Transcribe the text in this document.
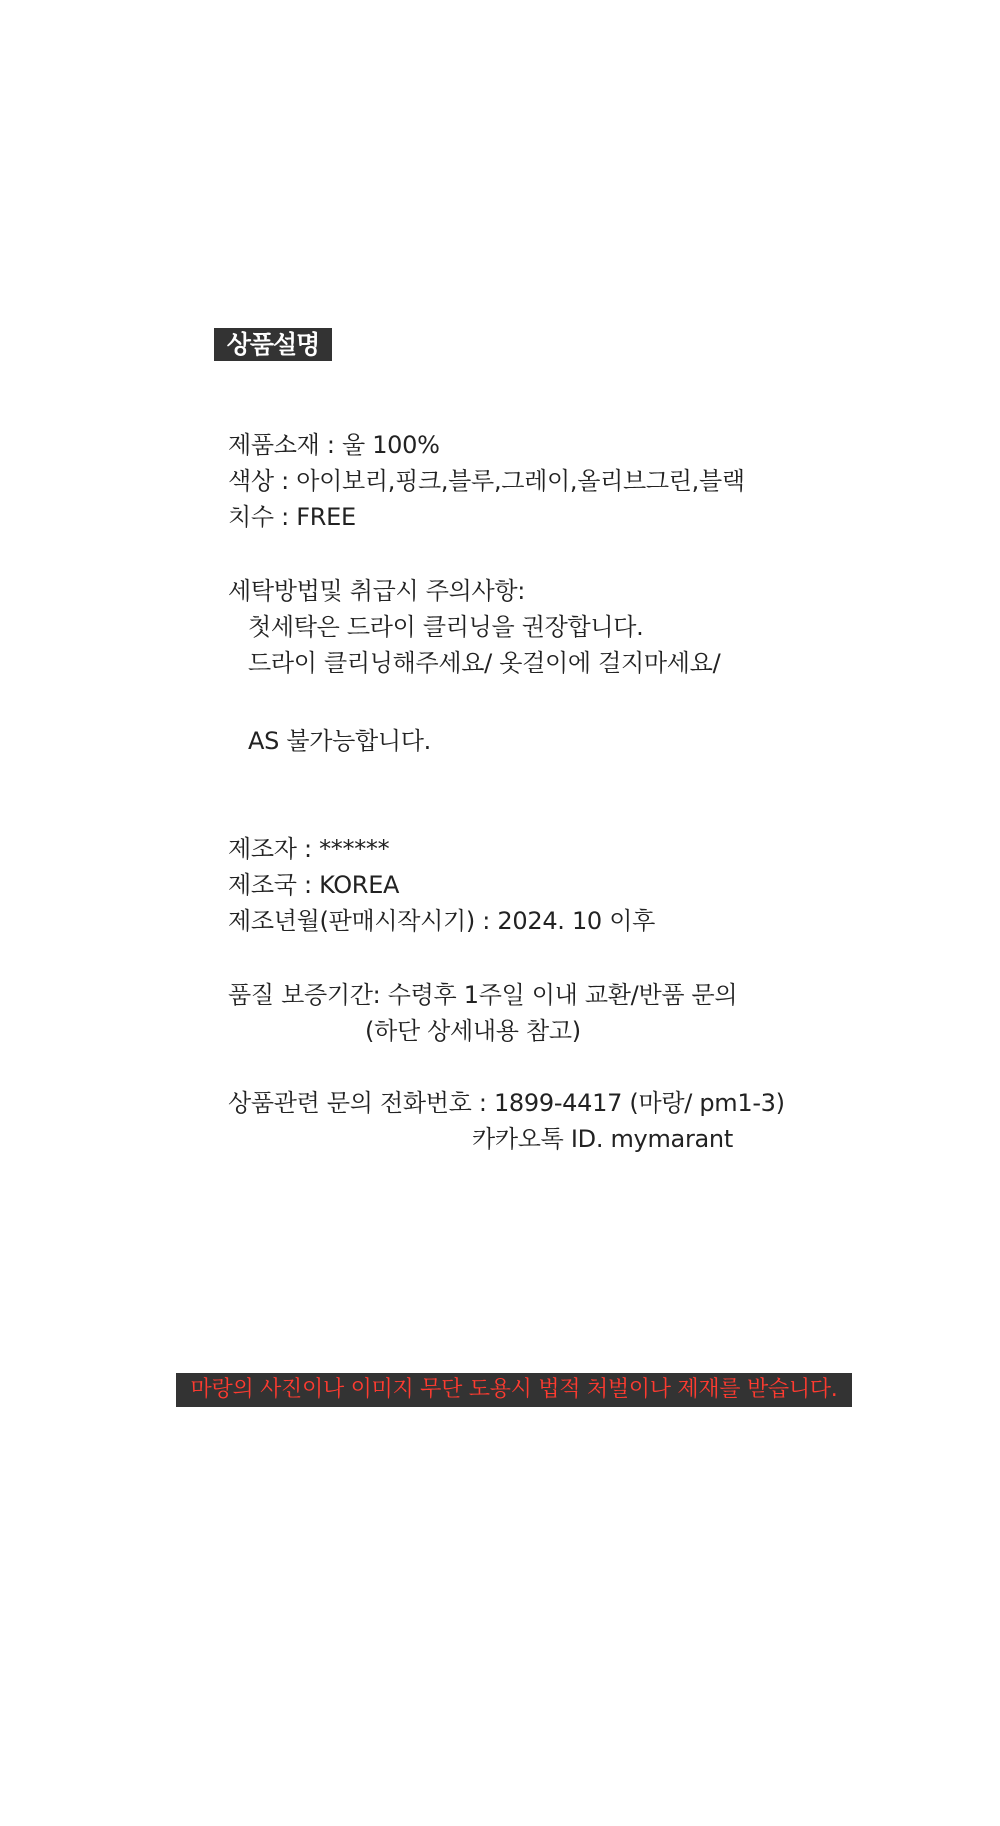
상품설명
제품소재 : 울 100%
색상 : 아이보리,핑크,블루,그레이,올리브그린,블랙
치수 : FREE
세탁방법및 취급시 주의사항:
첫세탁은 드라이 클리닝을 권장합니다.
드라이 클리닝해주세요/ 옷걸이에 걸지마세요/
AS 불가능합니다.
제조자 : ******
제조국 : KOREA
제조년월(판매시작시기) : 2024. 10 이후
품질 보증기간: 수령후 1주일 이내 교환/반품 문의
(하단 상세내용 참고)
상품관련 문의 전화번호 : 1899-4417 (마랑/ pm1-3)
카카오톡 ID. mymarant
마랑의 사진이나 이미지 무단 도용시 법적 처벌이나 제재를 받습니다.
